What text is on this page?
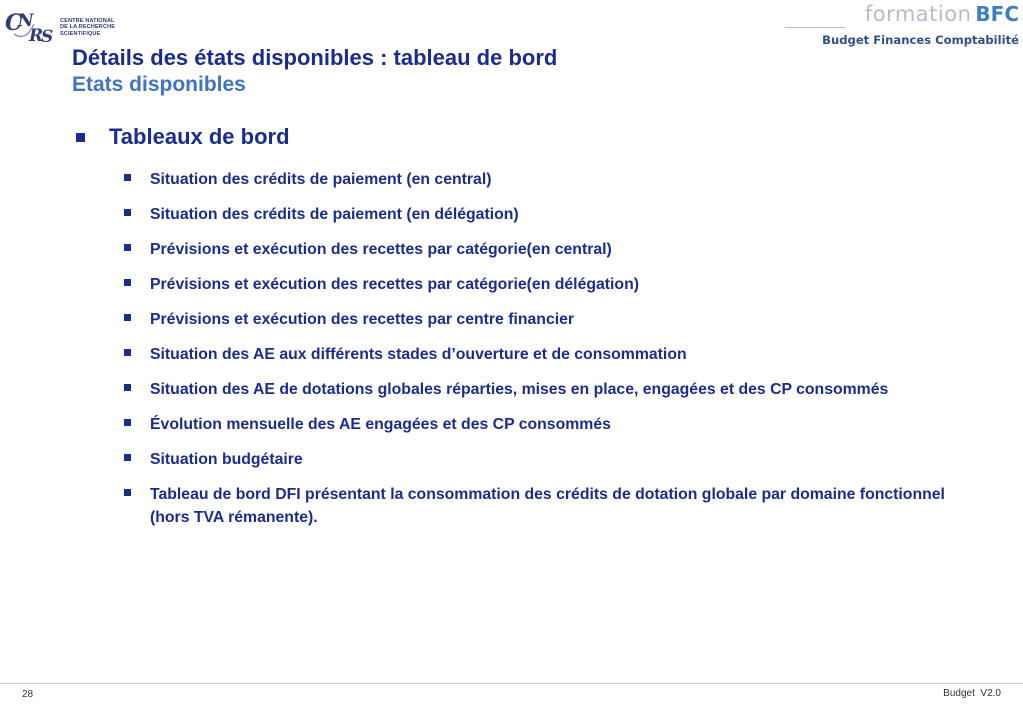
C
N
R
S
CENTRE NATIONAL
DE LA RECHERCHE
SCIENTIFIQUE
formation BFC
Budget Finances Comptabilité
Détails des états disponibles : tableau de bord
Etats disponibles
Tableaux de bord
Situation des crédits de paiement (en central)
Situation des crédits de paiement (en délégation)
Prévisions et exécution des recettes par catégorie(en central)
Prévisions et exécution des recettes par catégorie(en délégation)
Prévisions et exécution des recettes par centre financier
Situation des AE aux différents stades d’ouverture et de consommation
Situation des AE de dotations globales réparties, mises en place, engagées et des CP consommés
Évolution mensuelle des AE engagées et des CP consommés
Situation budgétaire
Tableau de bord DFI présentant la consommation des crédits de dotation globale par domaine fonctionnel (hors TVA rémanente).
28	Budget  V2.0
